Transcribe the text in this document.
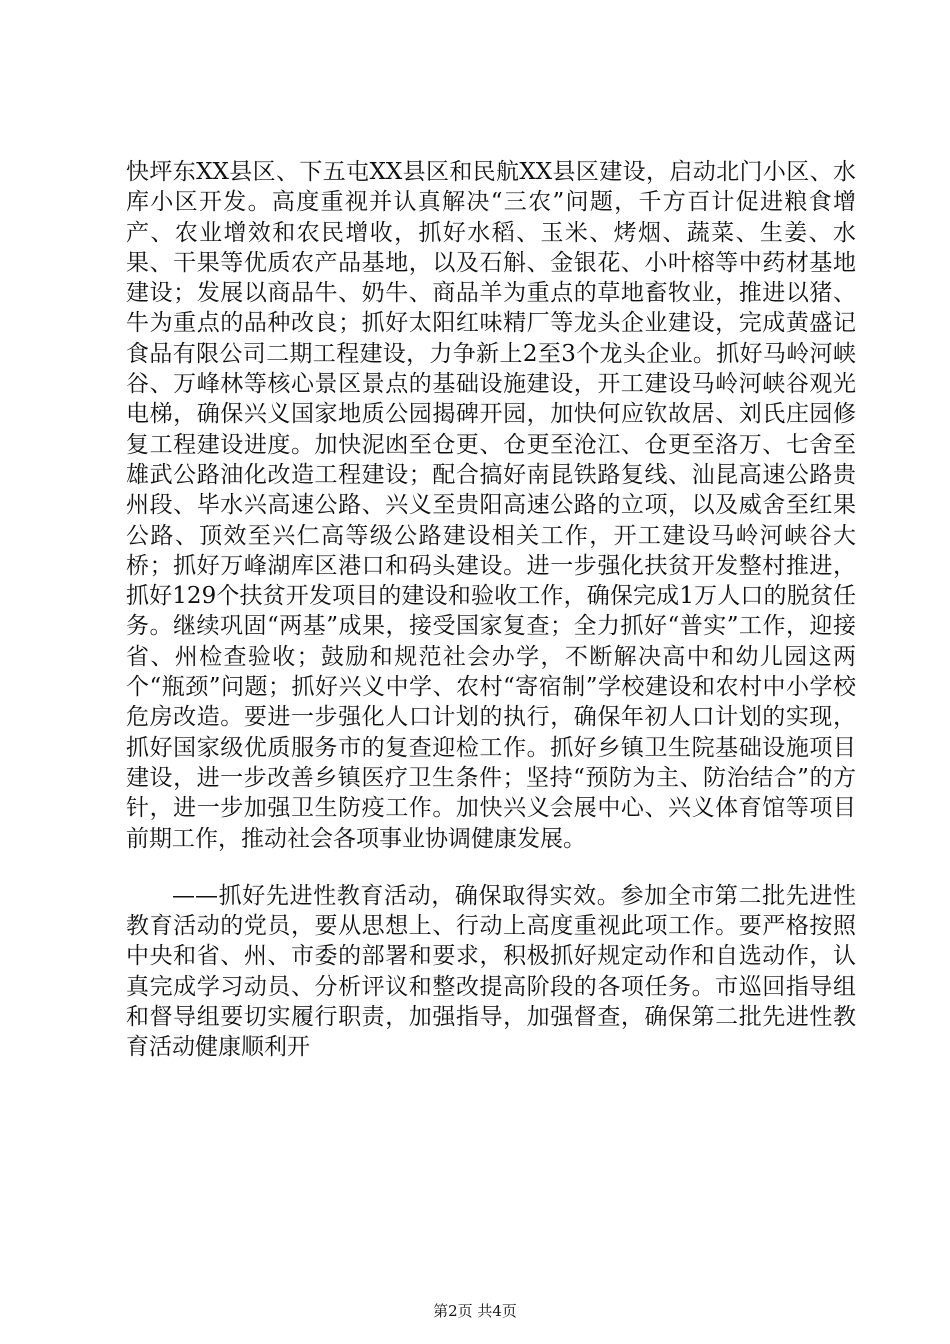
快坪东XX县区、下五屯XX县区和民航XX县区建设，启动北门小区、水库小区开发。高度重视并认真解决“三农”问题，千方百计促进粮食增产、农业增效和农民增收，抓好水稻、玉米、烤烟、蔬菜、生姜、水果、干果等优质农产品基地，以及石斛、金银花、小叶榕等中药材基地建设；发展以商品牛、奶牛、商品羊为重点的草地畜牧业，推进以猪、牛为重点的品种改良；抓好太阳红味精厂等龙头企业建设，完成黄盛记食品有限公司二期工程建设，力争新上2至3个龙头企业。抓好马岭河峡谷、万峰林等核心景区景点的基础设施建设，开工建设马岭河峡谷观光电梯，确保兴义国家地质公园揭碑开园，加快何应钦故居、刘氏庄园修复工程建设进度。加快泥凼至仓更、仓更至沧江、仓更至洛万、七舍至雄武公路油化改造工程建设；配合搞好南昆铁路复线、汕昆高速公路贵州段、毕水兴高速公路、兴义至贵阳高速公路的立项，以及威舍至红果公路、顶效至兴仁高等级公路建设相关工作，开工建设马岭河峡谷大桥；抓好万峰湖库区港口和码头建设。进一步强化扶贫开发整村推进，抓好129个扶贫开发项目的建设和验收工作，确保完成1万人口的脱贫任务。继续巩固“两基”成果，接受国家复查；全力抓好“普实”工作，迎接省、州检查验收；鼓励和规范社会办学，不断解决高中和幼儿园这两个“瓶颈”问题；抓好兴义中学、农村“寄宿制”学校建设和农村中小学校危房改造。要进一步强化人口计划的执行，确保年初人口计划的实现，抓好国家级优质服务市的复查迎检工作。抓好乡镇卫生院基础设施项目建设，进一步改善乡镇医疗卫生条件；坚持“预防为主、防治结合”的方针，进一步加强卫生防疫工作。加快兴义会展中心、兴义体育馆等项目前期工作，推动社会各项事业协调健康发展。

——抓好先进性教育活动，确保取得实效。参加全市第二批先进性教育活动的党员，要从思想上、行动上高度重视此项工作。要严格按照中央和省、州、市委的部署和要求，积极抓好规定动作和自选动作，认真完成学习动员、分析评议和整改提高阶段的各项任务。市巡回指导组和督导组要切实履行职责，加强指导，加强督查，确保第二批先进性教育活动健康顺利开

第2页 共4页
